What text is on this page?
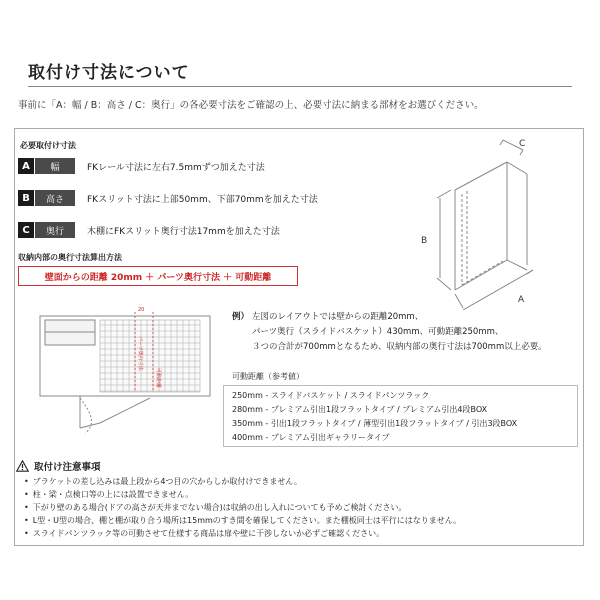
取付け寸法について
事前に「A：幅 / B：高さ / C：奥行」の各必要寸法をご確認の上、必要寸法に納まる部材をお選びください。
必要取付け寸法
A	幅	FKレール寸法に左右7.5mmずつ加えた寸法
B	高さ	FKスリット寸法に上部50mm、下部70mmを加えた寸法
C	奥行	木棚にFKスリット奥行寸法17mmを加えた寸法
C
B
A
収納内部の奥行寸法算出方法
壁面からの距離 20mm ＋ パーツ奥行寸法 ＋ 可動距離
20
パーツ奥行寸法
可動距離
例） 左図のレイアウトでは壁からの距離20mm、
パーツ奥行（スライドバスケット）430mm、可動距離250mm、
３つの合計が700mmとなるため、収納内部の奥行寸法は700mm以上必要。
可動距離（参考値）
250mm - スライドバスケット / スライドパンツラック
280mm - プレミアム引出1段フラットタイプ / プレミアム引出4段BOX
350mm - 引出1段フラットタイプ / 薄型引出1段フラットタイプ / 引出3段BOX
400mm - プレミアム引出ギャラリータイプ
取付け注意事項
• ブラケットの差し込みは最上段から4つ目の穴からしか取付けできません。
• 柱・梁・点検口等の上には設置できません。
• 下がり壁のある場合(ドアの高さが天井までない場合)は収納の出し入れについても予めご検討ください。
• L型・U型の場合、棚と棚が取り合う場所は15mmのすき間を確保してください。また棚板同士は平行にはなりません。
• スライドパンツラック等の可動させて仕様する商品は扉や壁に干渉しないか必ずご確認ください。
